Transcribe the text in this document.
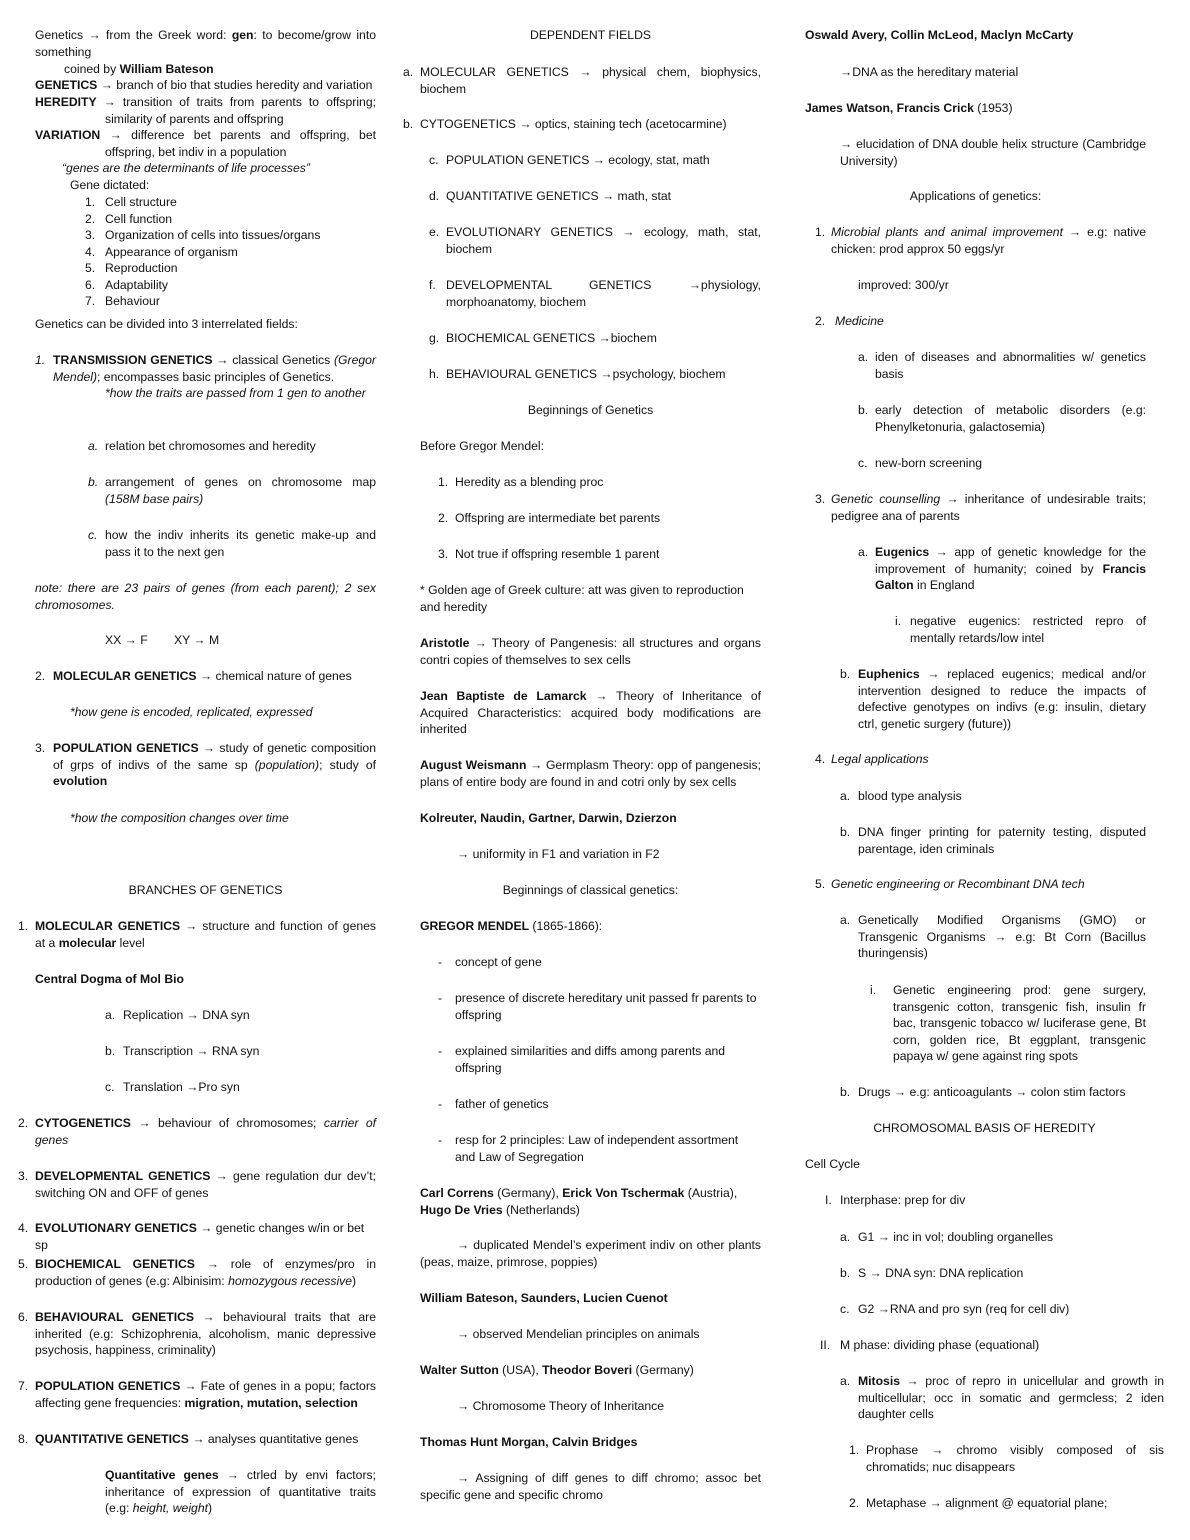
Genetics → from the Greek word: gen: to become/grow into something
coined by William Bateson
GENETICS → branch of bio that studies heredity and variation
HEREDITY → transition of traits from parents to offspring; similarity of parents and offspring
VARIATION → difference bet parents and offspring, bet offspring, bet indiv in a population
“genes are the determinants of life processes”
Gene dictated:
1. Cell structure
2. Cell function
3. Organization of cells into tissues/organs
4. Appearance of organism
5. Reproduction
6. Adaptability
7. Behaviour
Genetics can be divided into 3 interrelated fields:
1. TRANSMISSION GENETICS → classical Genetics (Gregor Mendel); encompasses basic principles of Genetics.
*how the traits are passed from 1 gen to another
a. relation bet chromosomes and heredity
b. arrangement of genes on chromosome map (158M base pairs)
c. how the indiv inherits its genetic make-up and pass it to the next gen
note: there are 23 pairs of genes (from each parent); 2 sex chromosomes.
XX → F XY → M
2. MOLECULAR GENETICS → chemical nature of genes
*how gene is encoded, replicated, expressed
3. POPULATION GENETICS → study of genetic composition of grps of indivs of the same sp (population); study of evolution
*how the composition changes over time
BRANCHES OF GENETICS
1. MOLECULAR GENETICS → structure and function of genes at a molecular level
Central Dogma of Mol Bio
a. Replication → DNA syn
b. Transcription → RNA syn
c. Translation →Pro syn
2. CYTOGENETICS → behaviour of chromosomes; carrier of genes
3. DEVELOPMENTAL GENETICS → gene regulation dur dev’t; switching ON and OFF of genes
4. EVOLUTIONARY GENETICS → genetic changes w/in or bet sp
5. BIOCHEMICAL GENETICS → role of enzymes/pro in production of genes (e.g: Albinisim: homozygous recessive)
6. BEHAVIOURAL GENETICS → behavioural traits that are inherited (e.g: Schizophrenia, alcoholism, manic depressive psychosis, happiness, criminality)
7. POPULATION GENETICS → Fate of genes in a popu; factors affecting gene frequencies: migration, mutation, selection
8. QUANTITATIVE GENETICS → analyses quantitative genes
Quantitative genes → ctrled by envi factors; inheritance of expression of quantitative traits (e.g: height, weight)
DEPENDENT FIELDS
a. MOLECULAR GENETICS → physical chem, biophysics, biochem
b. CYTOGENETICS → optics, staining tech (acetocarmine)
c. POPULATION GENETICS → ecology, stat, math
d. QUANTITATIVE GENETICS → math, stat
e. EVOLUTIONARY GENETICS → ecology, math, stat, biochem
f. DEVELOPMENTAL GENETICS →physiology, morphoanatomy, biochem
g. BIOCHEMICAL GENETICS →biochem
h. BEHAVIOURAL GENETICS →psychology, biochem
Beginnings of Genetics
Before Gregor Mendel:
1. Heredity as a blending proc
2. Offspring are intermediate bet parents
3. Not true if offspring resemble 1 parent
* Golden age of Greek culture: att was given to reproduction and heredity
Aristotle → Theory of Pangenesis: all structures and organs contri copies of themselves to sex cells
Jean Baptiste de Lamarck → Theory of Inheritance of Acquired Characteristics: acquired body modifications are inherited
August Weismann → Germplasm Theory: opp of pangenesis; plans of entire body are found in and cotri only by sex cells
Kolreuter, Naudin, Gartner, Darwin, Dzierzon
→ uniformity in F1 and variation in F2
Beginnings of classical genetics:
GREGOR MENDEL (1865-1866):
- concept of gene
- presence of discrete hereditary unit passed fr parents to offspring
- explained similarities and diffs among parents and offspring
- father of genetics
- resp for 2 principles: Law of independent assortment and Law of Segregation
Carl Correns (Germany), Erick Von Tschermak (Austria), Hugo De Vries (Netherlands)
→ duplicated Mendel’s experiment indiv on other plants (peas, maize, primrose, poppies)
William Bateson, Saunders, Lucien Cuenot
→ observed Mendelian principles on animals
Walter Sutton (USA), Theodor Boveri (Germany)
→ Chromosome Theory of Inheritance
Thomas Hunt Morgan, Calvin Bridges
→ Assigning of diff genes to diff chromo; assoc bet specific gene and specific chromo
Oswald Avery, Collin McLeod, Maclyn McCarty
→DNA as the hereditary material
James Watson, Francis Crick (1953)
→ elucidation of DNA double helix structure (Cambridge University)
Applications of genetics:
1. Microbial plants and animal improvement → e.g: native chicken: prod approx 50 eggs/yr
improved: 300/yr
2. Medicine
a. iden of diseases and abnormalities w/ genetics basis
b. early detection of metabolic disorders (e.g: Phenylketonuria, galactosemia)
c. new-born screening
3. Genetic counselling → inheritance of undesirable traits; pedigree ana of parents
a. Eugenics → app of genetic knowledge for the improvement of humanity; coined by Francis Galton in England
i. negative eugenics: restricted repro of mentally retards/low intel
b. Euphenics → replaced eugenics; medical and/or intervention designed to reduce the impacts of defective genotypes on indivs (e.g: insulin, dietary ctrl, genetic surgery (future))
4. Legal applications
a. blood type analysis
b. DNA finger printing for paternity testing, disputed parentage, iden criminals
5. Genetic engineering or Recombinant DNA tech
a. Genetically Modified Organisms (GMO) or Transgenic Organisms → e.g: Bt Corn (Bacillus thuringensis)
i. Genetic engineering prod: gene surgery, transgenic cotton, transgenic fish, insulin fr bac, transgenic tobacco w/ luciferase gene, Bt corn, golden rice, Bt eggplant, transgenic papaya w/ gene against ring spots
b. Drugs → e.g: anticoagulants → colon stim factors
CHROMOSOMAL BASIS OF HEREDITY
Cell Cycle
I. Interphase: prep for div
a. G1 → inc in vol; doubling organelles
b. S → DNA syn: DNA replication
c. G2 →RNA and pro syn (req for cell div)
II. M phase: dividing phase (equational)
a. Mitosis → proc of repro in unicellular and growth in multicellular; occ in somatic and germcless; 2 iden daughter cells
1. Prophase → chromo visibly composed of sis chromatids; nuc disappears
2. Metaphase → alignment @ equatorial plane;
